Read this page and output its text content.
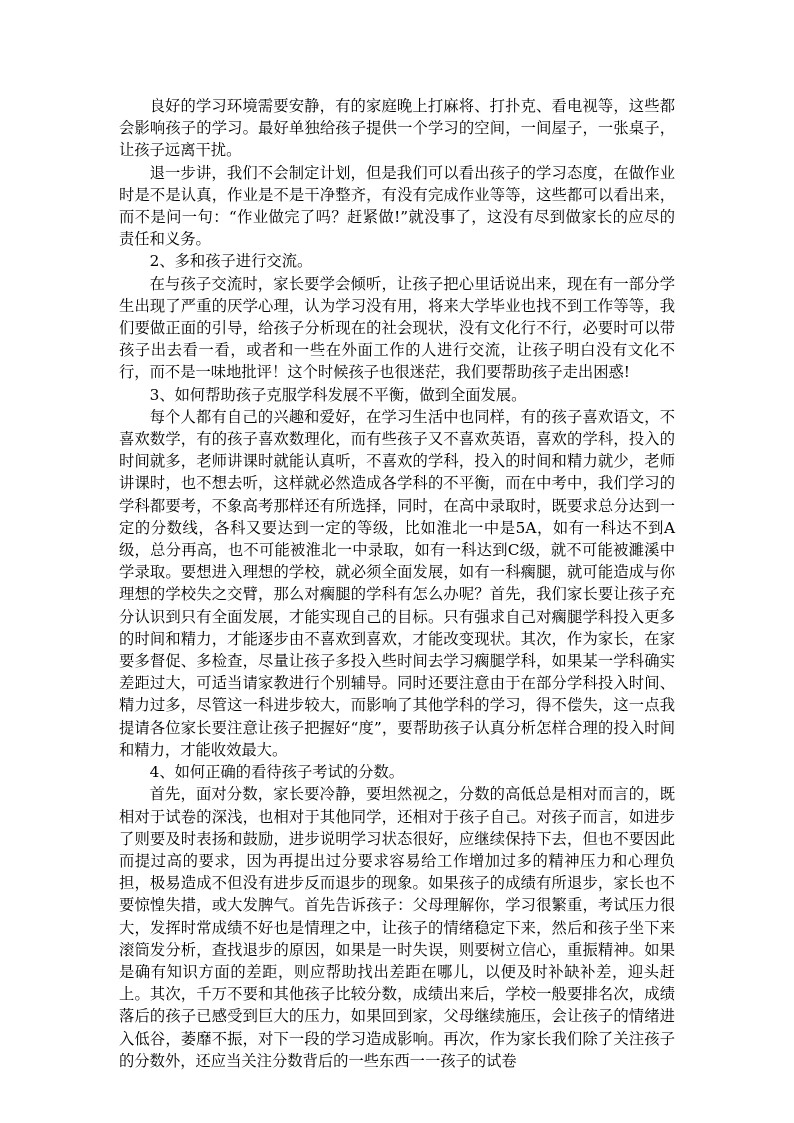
良好的学习环境需要安静，有的家庭晚上打麻将、打扑克、看电视等，这些都会影响孩子的学习。最好单独给孩子提供一个学习的空间，一间屋子，一张桌子，让孩子远离干扰。

退一步讲，我们不会制定计划，但是我们可以看出孩子的学习态度，在做作业时是不是认真，作业是不是干净整齐，有没有完成作业等等，这些都可以看出来，而不是问一句：“作业做完了吗？赶紧做!”就没事了，这没有尽到做家长的应尽的责任和义务。

2、多和孩子进行交流。

在与孩子交流时，家长要学会倾听，让孩子把心里话说出来，现在有一部分学生出现了严重的厌学心理，认为学习没有用，将来大学毕业也找不到工作等等，我们要做正面的引导，给孩子分析现在的社会现状，没有文化行不行，必要时可以带孩子出去看一看，或者和一些在外面工作的人进行交流，让孩子明白没有文化不行，而不是一味地批评！这个时候孩子也很迷茫，我们要帮助孩子走出困惑!

3、如何帮助孩子克服学科发展不平衡，做到全面发展。

每个人都有自己的兴趣和爱好，在学习生活中也同样，有的孩子喜欢语文，不喜欢数学，有的孩子喜欢数理化，而有些孩子又不喜欢英语，喜欢的学科，投入的时间就多，老师讲课时就能认真听，不喜欢的学科，投入的时间和精力就少，老师讲课时，也不想去听，这样就必然造成各学科的不平衡，而在中考中，我们学习的学科都要考，不象高考那样还有所选择，同时，在高中录取时，既要求总分达到一定的分数线，各科又要达到一定的等级，比如淮北一中是5A，如有一科达不到A级，总分再高，也不可能被淮北一中录取，如有一科达到C级，就不可能被濉溪中学录取。要想进入理想的学校，就必须全面发展，如有一科瘸腿，就可能造成与你理想的学校失之交臂，那么对瘸腿的学科有怎么办呢？首先，我们家长要让孩子充分认识到只有全面发展，才能实现自己的目标。只有强求自己对瘸腿学科投入更多的时间和精力，才能逐步由不喜欢到喜欢，才能改变现状。其次，作为家长，在家要多督促、多检查，尽量让孩子多投入些时间去学习瘸腿学科，如果某一学科确实差距过大，可适当请家教进行个别辅导。同时还要注意由于在部分学科投入时间、精力过多，尽管这一科进步较大，而影响了其他学科的学习，得不偿失，这一点我提请各位家长要注意让孩子把握好“度”，要帮助孩子认真分析怎样合理的投入时间和精力，才能收效最大。

4、如何正确的看待孩子考试的分数。

首先，面对分数，家长要冷静，要坦然视之，分数的高低总是相对而言的，既相对于试卷的深浅，也相对于其他同学，还相对于孩子自己。对孩子而言，如进步了则要及时表扬和鼓励，进步说明学习状态很好，应继续保持下去，但也不要因此而提过高的要求，因为再提出过分要求容易给工作增加过多的精神压力和心理负担，极易造成不但没有进步反而退步的现象。如果孩子的成绩有所退步，家长也不要惊惶失措，或大发脾气。首先告诉孩子：父母理解你，学习很繁重，考试压力很大，发挥时常成绩不好也是情理之中，让孩子的情绪稳定下来，然后和孩子坐下来滚筒发分析，查找退步的原因，如果是一时失误，则要树立信心，重振精神。如果是确有知识方面的差距，则应帮助找出差距在哪儿，以便及时补缺补差，迎头赶上。其次，千万不要和其他孩子比较分数，成绩出来后，学校一般要排名次，成绩落后的孩子已感受到巨大的压力，如果回到家，父母继续施压，会让孩子的情绪进入低谷，萎靡不振，对下一段的学习造成影响。再次，作为家长我们除了关注孩子的分数外，还应当关注分数背后的一些东西一一孩子的试卷
